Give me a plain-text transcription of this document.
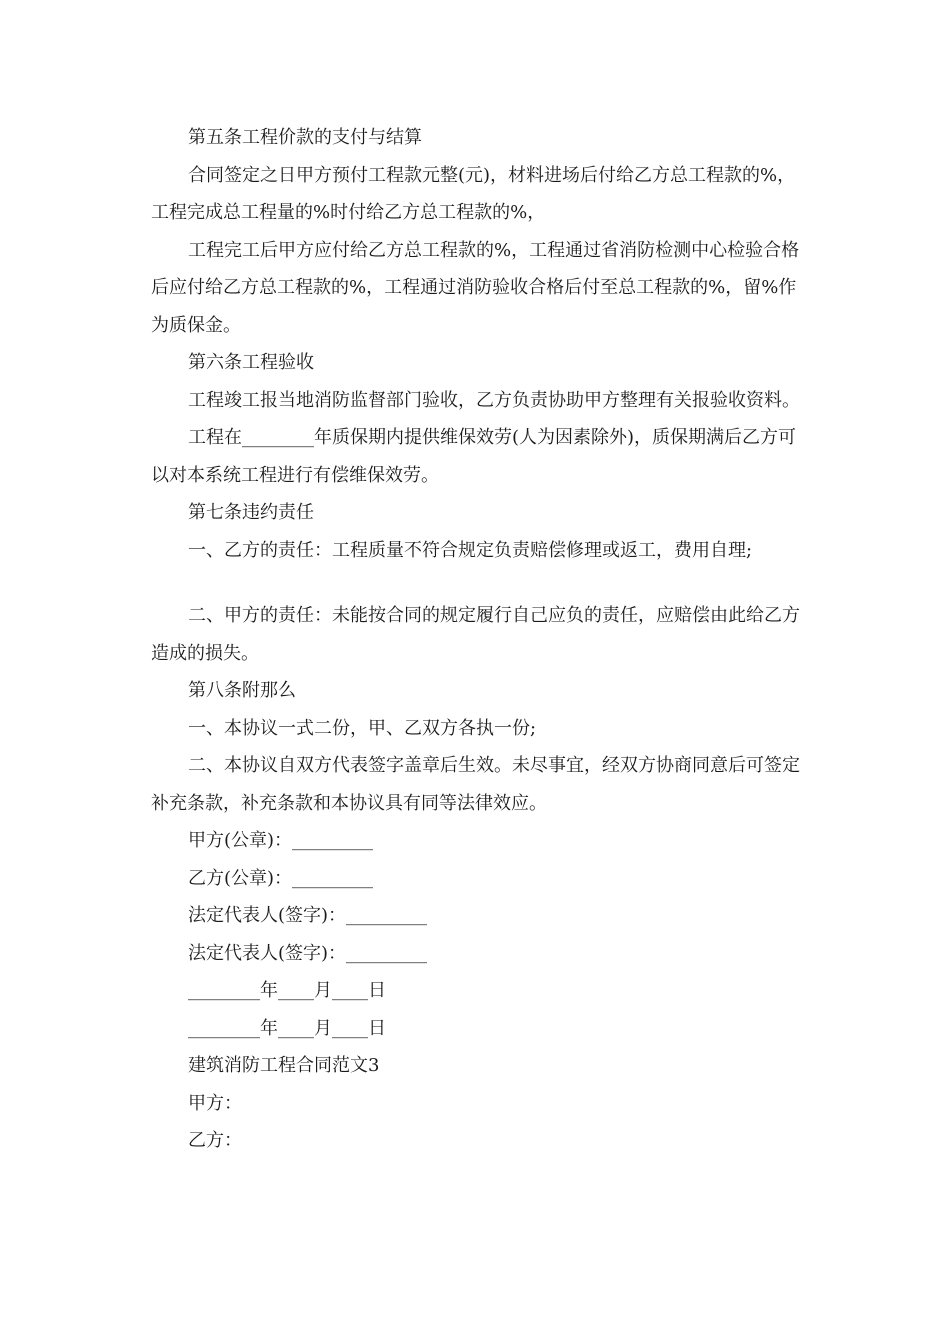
第五条工程价款的支付与结算

合同签定之日甲方预付工程款元整(元)，材料进场后付给乙方总工程款的%，工程完成总工程量的%时付给乙方总工程款的%，

工程完工后甲方应付给乙方总工程款的%，工程通过省消防检测中心检验合格后应付给乙方总工程款的%，工程通过消防验收合格后付至总工程款的%，留%作为质保金。

第六条工程验收

工程竣工报当地消防监督部门验收，乙方负责协助甲方整理有关报验收资料。

工程在________年质保期内提供维保效劳(人为因素除外)，质保期满后乙方可以对本系统工程进行有偿维保效劳。

第七条违约责任

一、乙方的责任：工程质量不符合规定负责赔偿修理或返工，费用自理;

二、甲方的责任：未能按合同的规定履行自己应负的责任，应赔偿由此给乙方造成的损失。

第八条附那么

一、本协议一式二份，甲、乙双方各执一份;

二、本协议自双方代表签字盖章后生效。未尽事宜，经双方协商同意后可签定补充条款，补充条款和本协议具有同等法律效应。

甲方(公章)：_________

乙方(公章)：_________

法定代表人(签字)：_________

法定代表人(签字)：_________

________年____月____日

________年____月____日

建筑消防工程合同范文3

甲方：

乙方：
